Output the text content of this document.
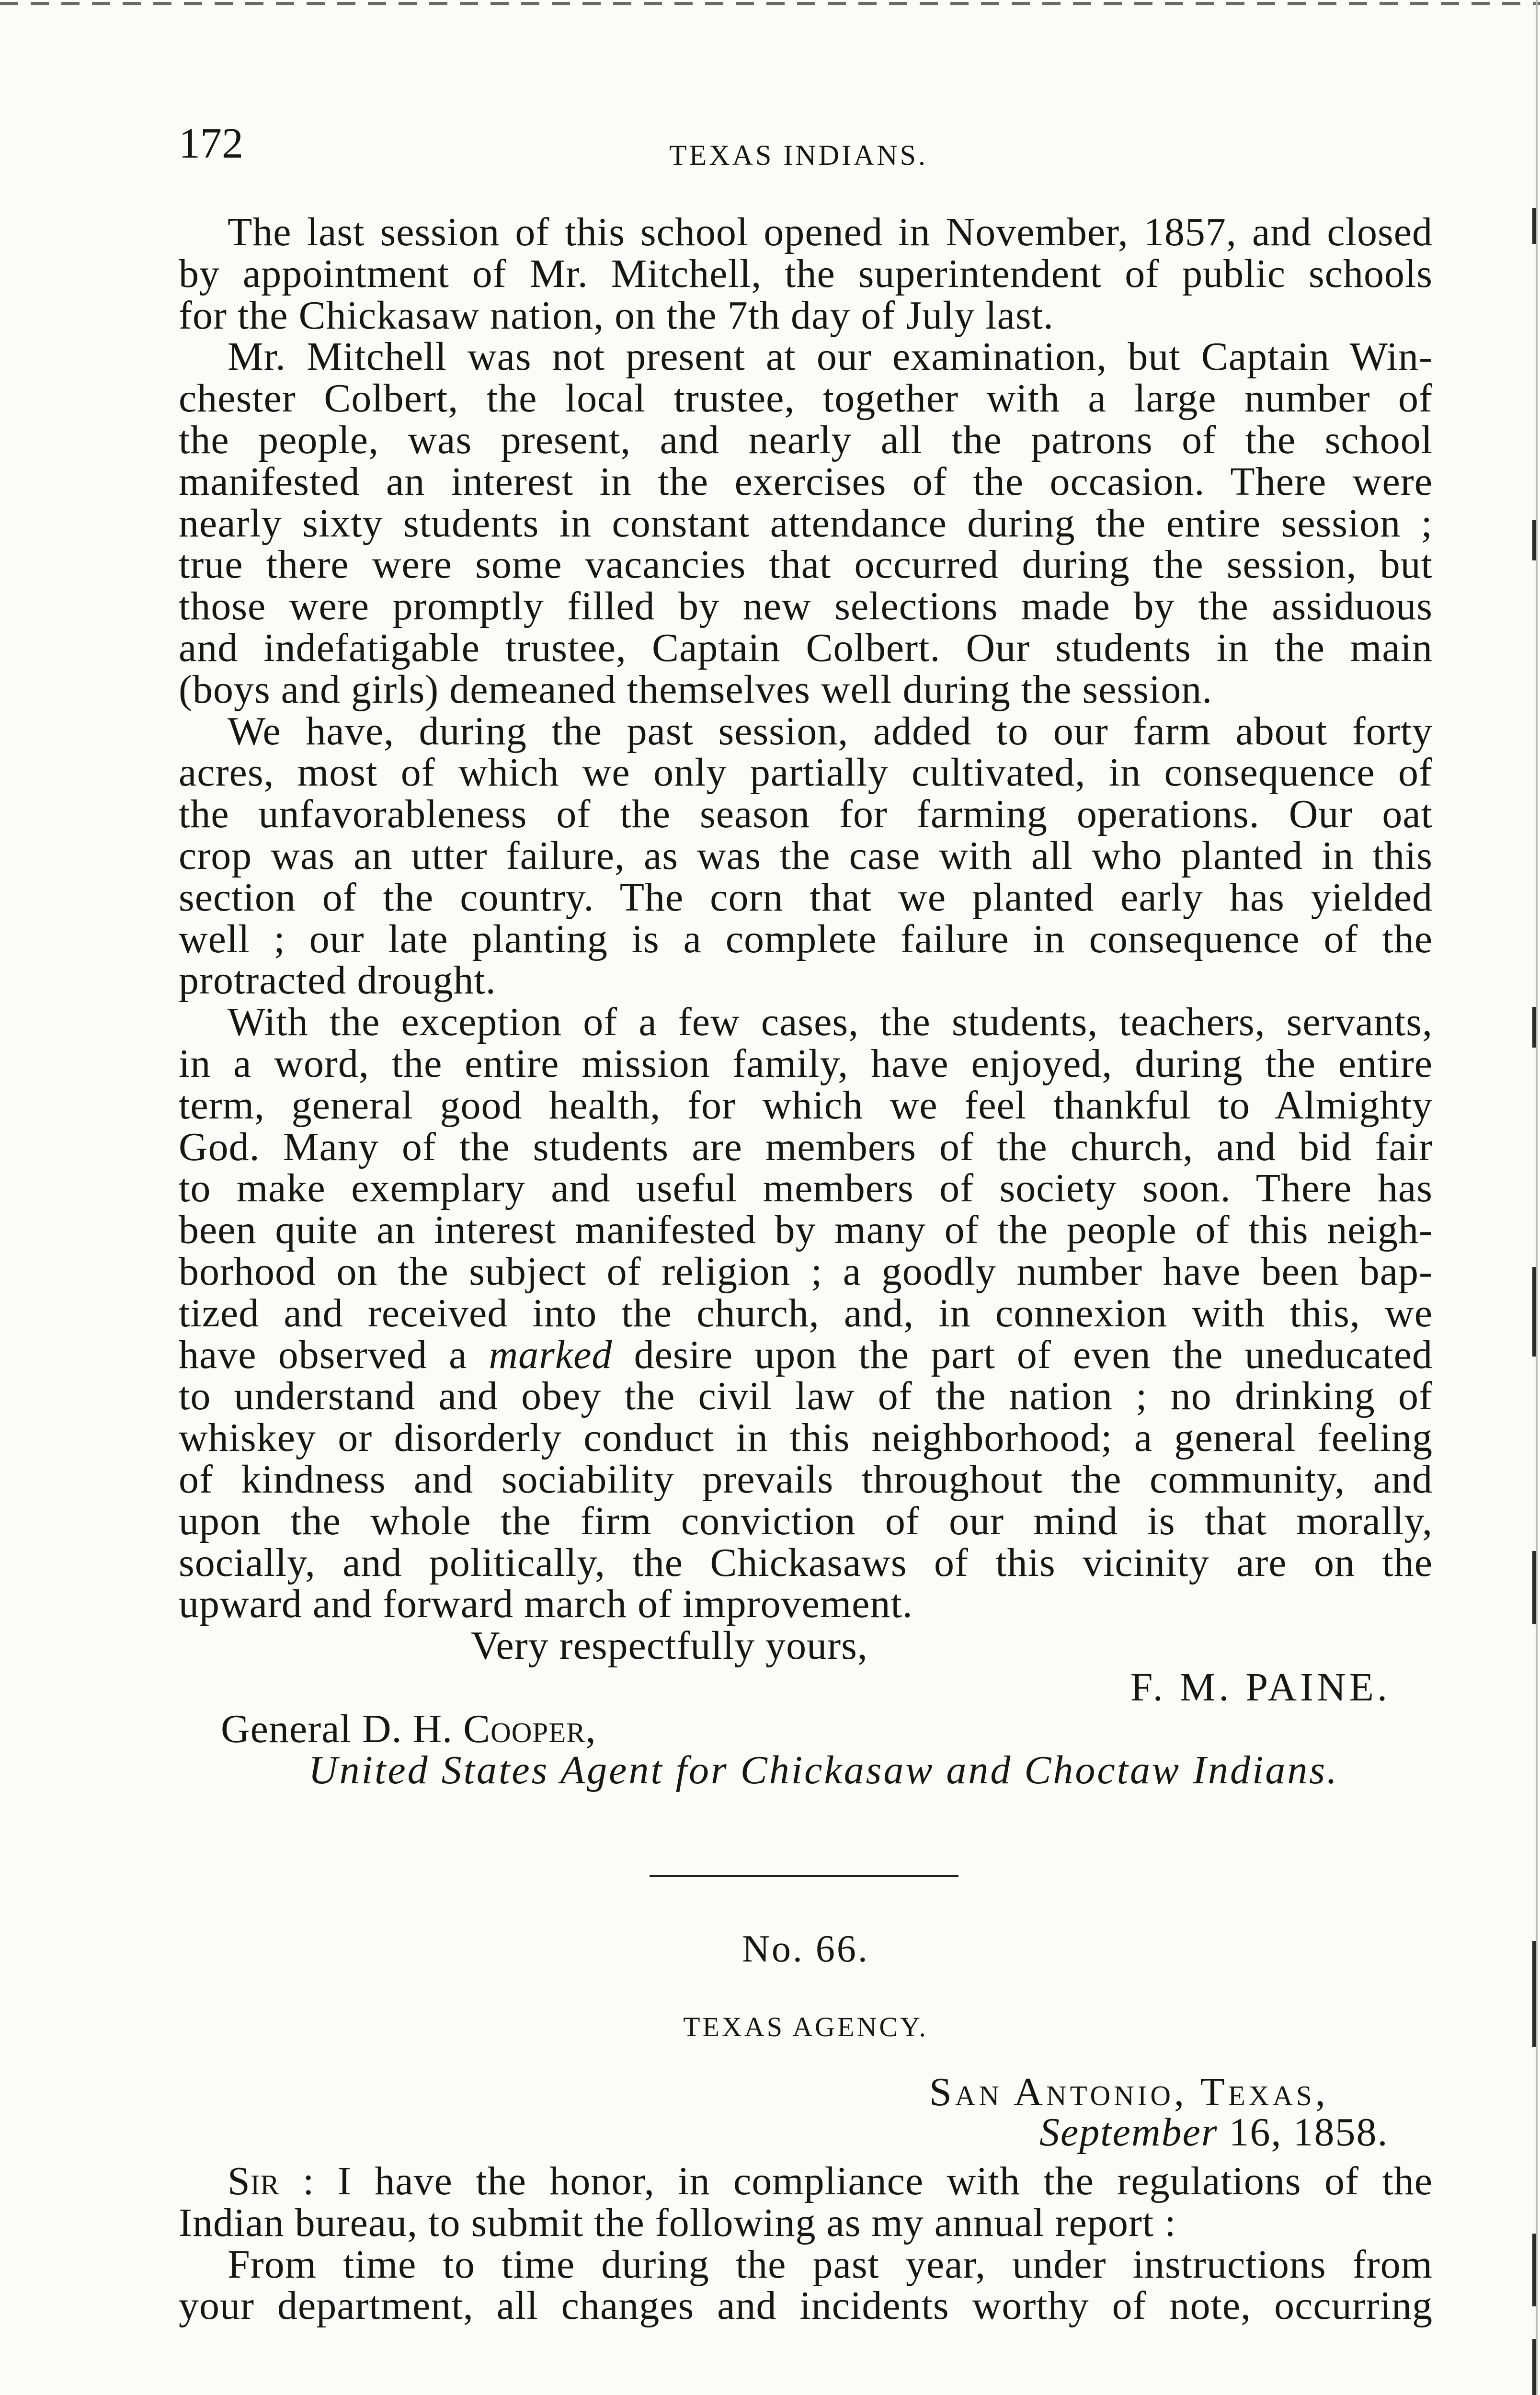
172	TEXAS INDIANS.
The last session of this school opened in November, 1857, and closed
by appointment of Mr. Mitchell, the superintendent of public schools
for the Chickasaw nation, on the 7th day of July last.
Mr. Mitchell was not present at our examination, but Captain Win-
chester Colbert, the local trustee, together with a large number of
the people, was present, and nearly all the patrons of the school
manifested an interest in the exercises of the occasion. There were
nearly sixty students in constant attendance during the entire session ;
true there were some vacancies that occurred during the session, but
those were promptly filled by new selections made by the assiduous
and indefatigable trustee, Captain Colbert. Our students in the main
(boys and girls) demeaned themselves well during the session.
We have, during the past session, added to our farm about forty
acres, most of which we only partially cultivated, in consequence of
the unfavorableness of the season for farming operations. Our oat
crop was an utter failure, as was the case with all who planted in this
section of the country. The corn that we planted early has yielded
well ; our late planting is a complete failure in consequence of the
protracted drought.
With the exception of a few cases, the students, teachers, servants,
in a word, the entire mission family, have enjoyed, during the entire
term, general good health, for which we feel thankful to Almighty
God. Many of the students are members of the church, and bid fair
to make exemplary and useful members of society soon. There has
been quite an interest manifested by many of the people of this neigh-
borhood on the subject of religion ; a goodly number have been bap-
tized and received into the church, and, in connexion with this, we
have observed a marked desire upon the part of even the uneducated
to understand and obey the civil law of the nation ; no drinking of
whiskey or disorderly conduct in this neighborhood; a general feeling
of kindness and sociability prevails throughout the community, and
upon the whole the firm conviction of our mind is that morally,
socially, and politically, the Chickasaws of this vicinity are on the
upward and forward march of improvement.
Very respectfully yours,
F. M. PAINE.
General D. H. Cooper,
United States Agent for Chickasaw and Choctaw Indians.
No. 66.
TEXAS AGENCY.
San Antonio, Texas,
September 16, 1858.
Sir : I have the honor, in compliance with the regulations of the
Indian bureau, to submit the following as my annual report :
From time to time during the past year, under instructions from
your department, all changes and incidents worthy of note, occurring
